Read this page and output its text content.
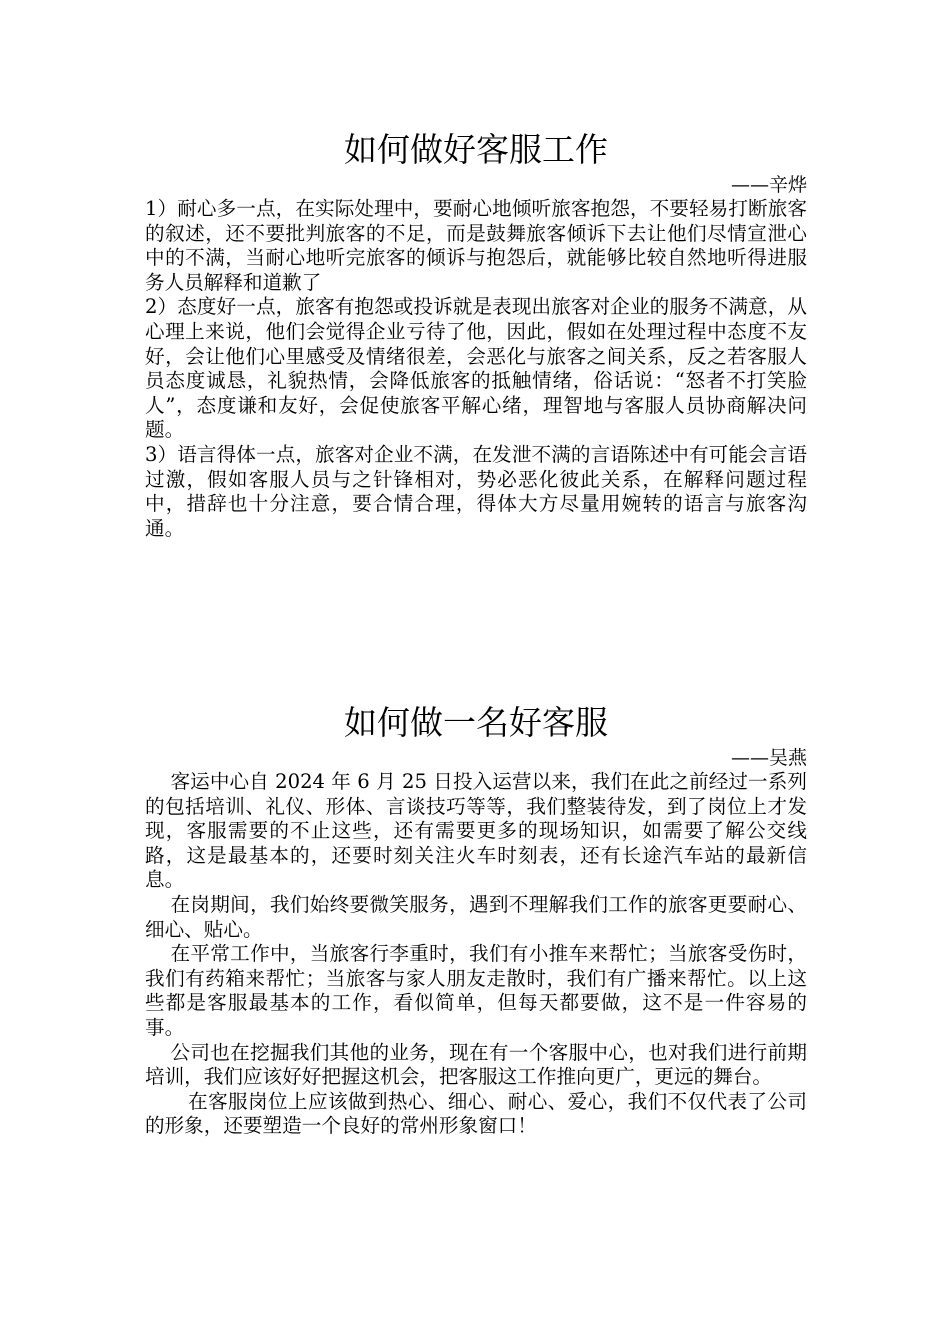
如何做好客服工作

——辛烨

1）耐心多一点，在实际处理中，要耐心地倾听旅客抱怨，不要轻易打断旅客的叙述，还不要批判旅客的不足，而是鼓舞旅客倾诉下去让他们尽情宣泄心中的不满，当耐心地听完旅客的倾诉与抱怨后，就能够比较自然地听得进服务人员解释和道歉了

2）态度好一点，旅客有抱怨或投诉就是表现出旅客对企业的服务不满意，从心理上来说，他们会觉得企业亏待了他，因此，假如在处理过程中态度不友好，会让他们心里感受及情绪很差，会恶化与旅客之间关系，反之若客服人员态度诚恳，礼貌热情，会降低旅客的抵触情绪，俗话说：“怒者不打笑脸人”，态度谦和友好，会促使旅客平解心绪，理智地与客服人员协商解决问题。

3）语言得体一点，旅客对企业不满，在发泄不满的言语陈述中有可能会言语过激，假如客服人员与之针锋相对，势必恶化彼此关系，在解释问题过程中，措辞也十分注意，要合情合理，得体大方尽量用婉转的语言与旅客沟通。

如何做一名好客服

——吴燕

客运中心自 2024 年 6 月 25 日投入运营以来，我们在此之前经过一系列的包括培训、礼仪、形体、言谈技巧等等，我们整装待发，到了岗位上才发现，客服需要的不止这些，还有需要更多的现场知识，如需要了解公交线路，这是最基本的，还要时刻关注火车时刻表，还有长途汽车站的最新信息。

在岗期间，我们始终要微笑服务，遇到不理解我们工作的旅客更要耐心、细心、贴心。

在平常工作中，当旅客行李重时，我们有小推车来帮忙；当旅客受伤时，我们有药箱来帮忙；当旅客与家人朋友走散时，我们有广播来帮忙。以上这些都是客服最基本的工作，看似简单，但每天都要做，这不是一件容易的事。

公司也在挖掘我们其他的业务，现在有一个客服中心，也对我们进行前期培训，我们应该好好把握这机会，把客服这工作推向更广，更远的舞台。

在客服岗位上应该做到热心、细心、耐心、爱心，我们不仅代表了公司的形象，还要塑造一个良好的常州形象窗口！
